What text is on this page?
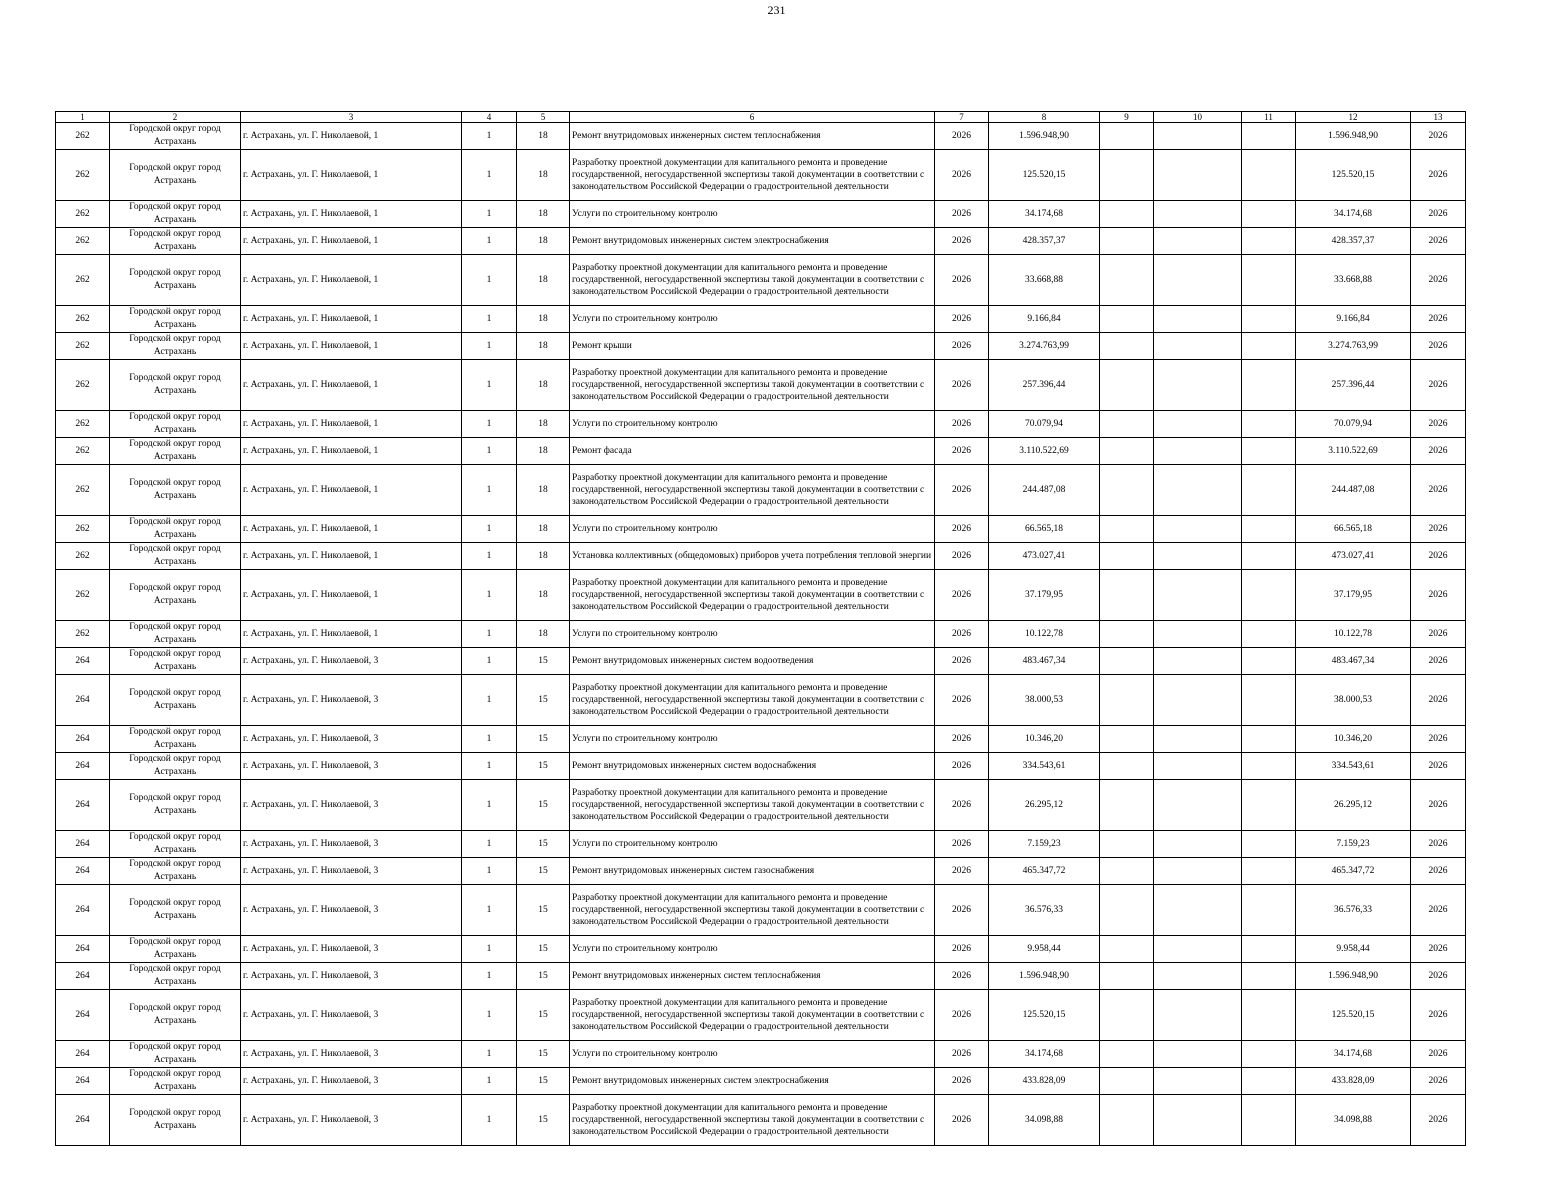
231
1	2	3	4	5	6	7	8	9	10	11	12	13
262	Городской округ город Астрахань	г. Астрахань, ул. Г. Николаевой, 1	1	18	Ремонт внутридомовых инженерных систем теплоснабжения	2026	1.596.948,90				1.596.948,90	2026
262	Городской округ город Астрахань	г. Астрахань, ул. Г. Николаевой, 1	1	18	Разработку проектной документации для капитального ремонта и проведение государственной, негосударственной экспертизы такой документации в соответствии с законодательством Российской Федерации о градостроительной деятельности	2026	125.520,15				125.520,15	2026
262	Городской округ город Астрахань	г. Астрахань, ул. Г. Николаевой, 1	1	18	Услуги по строительному контролю	2026	34.174,68				34.174,68	2026
262	Городской округ город Астрахань	г. Астрахань, ул. Г. Николаевой, 1	1	18	Ремонт внутридомовых инженерных систем электроснабжения	2026	428.357,37				428.357,37	2026
262	Городской округ город Астрахань	г. Астрахань, ул. Г. Николаевой, 1	1	18	Разработку проектной документации для капитального ремонта и проведение государственной, негосударственной экспертизы такой документации в соответствии с законодательством Российской Федерации о градостроительной деятельности	2026	33.668,88				33.668,88	2026
262	Городской округ город Астрахань	г. Астрахань, ул. Г. Николаевой, 1	1	18	Услуги по строительному контролю	2026	9.166,84				9.166,84	2026
262	Городской округ город Астрахань	г. Астрахань, ул. Г. Николаевой, 1	1	18	Ремонт крыши	2026	3.274.763,99				3.274.763,99	2026
262	Городской округ город Астрахань	г. Астрахань, ул. Г. Николаевой, 1	1	18	Разработку проектной документации для капитального ремонта и проведение государственной, негосударственной экспертизы такой документации в соответствии с законодательством Российской Федерации о градостроительной деятельности	2026	257.396,44				257.396,44	2026
262	Городской округ город Астрахань	г. Астрахань, ул. Г. Николаевой, 1	1	18	Услуги по строительному контролю	2026	70.079,94				70.079,94	2026
262	Городской округ город Астрахань	г. Астрахань, ул. Г. Николаевой, 1	1	18	Ремонт фасада	2026	3.110.522,69				3.110.522,69	2026
262	Городской округ город Астрахань	г. Астрахань, ул. Г. Николаевой, 1	1	18	Разработку проектной документации для капитального ремонта и проведение государственной, негосударственной экспертизы такой документации в соответствии с законодательством Российской Федерации о градостроительной деятельности	2026	244.487,08				244.487,08	2026
262	Городской округ город Астрахань	г. Астрахань, ул. Г. Николаевой, 1	1	18	Услуги по строительному контролю	2026	66.565,18				66.565,18	2026
262	Городской округ город Астрахань	г. Астрахань, ул. Г. Николаевой, 1	1	18	Установка коллективных (общедомовых) приборов учета потребления тепловой энергии	2026	473.027,41				473.027,41	2026
262	Городской округ город Астрахань	г. Астрахань, ул. Г. Николаевой, 1	1	18	Разработку проектной документации для капитального ремонта и проведение государственной, негосударственной экспертизы такой документации в соответствии с законодательством Российской Федерации о градостроительной деятельности	2026	37.179,95				37.179,95	2026
262	Городской округ город Астрахань	г. Астрахань, ул. Г. Николаевой, 1	1	18	Услуги по строительному контролю	2026	10.122,78				10.122,78	2026
264	Городской округ город Астрахань	г. Астрахань, ул. Г. Николаевой, 3	1	15	Ремонт внутридомовых инженерных систем водоотведения	2026	483.467,34				483.467,34	2026
264	Городской округ город Астрахань	г. Астрахань, ул. Г. Николаевой, 3	1	15	Разработку проектной документации для капитального ремонта и проведение государственной, негосударственной экспертизы такой документации в соответствии с законодательством Российской Федерации о градостроительной деятельности	2026	38.000,53				38.000,53	2026
264	Городской округ город Астрахань	г. Астрахань, ул. Г. Николаевой, 3	1	15	Услуги по строительному контролю	2026	10.346,20				10.346,20	2026
264	Городской округ город Астрахань	г. Астрахань, ул. Г. Николаевой, 3	1	15	Ремонт внутридомовых инженерных систем водоснабжения	2026	334.543,61				334.543,61	2026
264	Городской округ город Астрахань	г. Астрахань, ул. Г. Николаевой, 3	1	15	Разработку проектной документации для капитального ремонта и проведение государственной, негосударственной экспертизы такой документации в соответствии с законодательством Российской Федерации о градостроительной деятельности	2026	26.295,12				26.295,12	2026
264	Городской округ город Астрахань	г. Астрахань, ул. Г. Николаевой, 3	1	15	Услуги по строительному контролю	2026	7.159,23				7.159,23	2026
264	Городской округ город Астрахань	г. Астрахань, ул. Г. Николаевой, 3	1	15	Ремонт внутридомовых инженерных систем газоснабжения	2026	465.347,72				465.347,72	2026
264	Городской округ город Астрахань	г. Астрахань, ул. Г. Николаевой, 3	1	15	Разработку проектной документации для капитального ремонта и проведение государственной, негосударственной экспертизы такой документации в соответствии с законодательством Российской Федерации о градостроительной деятельности	2026	36.576,33				36.576,33	2026
264	Городской округ город Астрахань	г. Астрахань, ул. Г. Николаевой, 3	1	15	Услуги по строительному контролю	2026	9.958,44				9.958,44	2026
264	Городской округ город Астрахань	г. Астрахань, ул. Г. Николаевой, 3	1	15	Ремонт внутридомовых инженерных систем теплоснабжения	2026	1.596.948,90				1.596.948,90	2026
264	Городской округ город Астрахань	г. Астрахань, ул. Г. Николаевой, 3	1	15	Разработку проектной документации для капитального ремонта и проведение государственной, негосударственной экспертизы такой документации в соответствии с законодательством Российской Федерации о градостроительной деятельности	2026	125.520,15				125.520,15	2026
264	Городской округ город Астрахань	г. Астрахань, ул. Г. Николаевой, 3	1	15	Услуги по строительному контролю	2026	34.174,68				34.174,68	2026
264	Городской округ город Астрахань	г. Астрахань, ул. Г. Николаевой, 3	1	15	Ремонт внутридомовых инженерных систем электроснабжения	2026	433.828,09				433.828,09	2026
264	Городской округ город Астрахань	г. Астрахань, ул. Г. Николаевой, 3	1	15	Разработку проектной документации для капитального ремонта и проведение государственной, негосударственной экспертизы такой документации в соответствии с законодательством Российской Федерации о градостроительной деятельности	2026	34.098,88				34.098,88	2026
